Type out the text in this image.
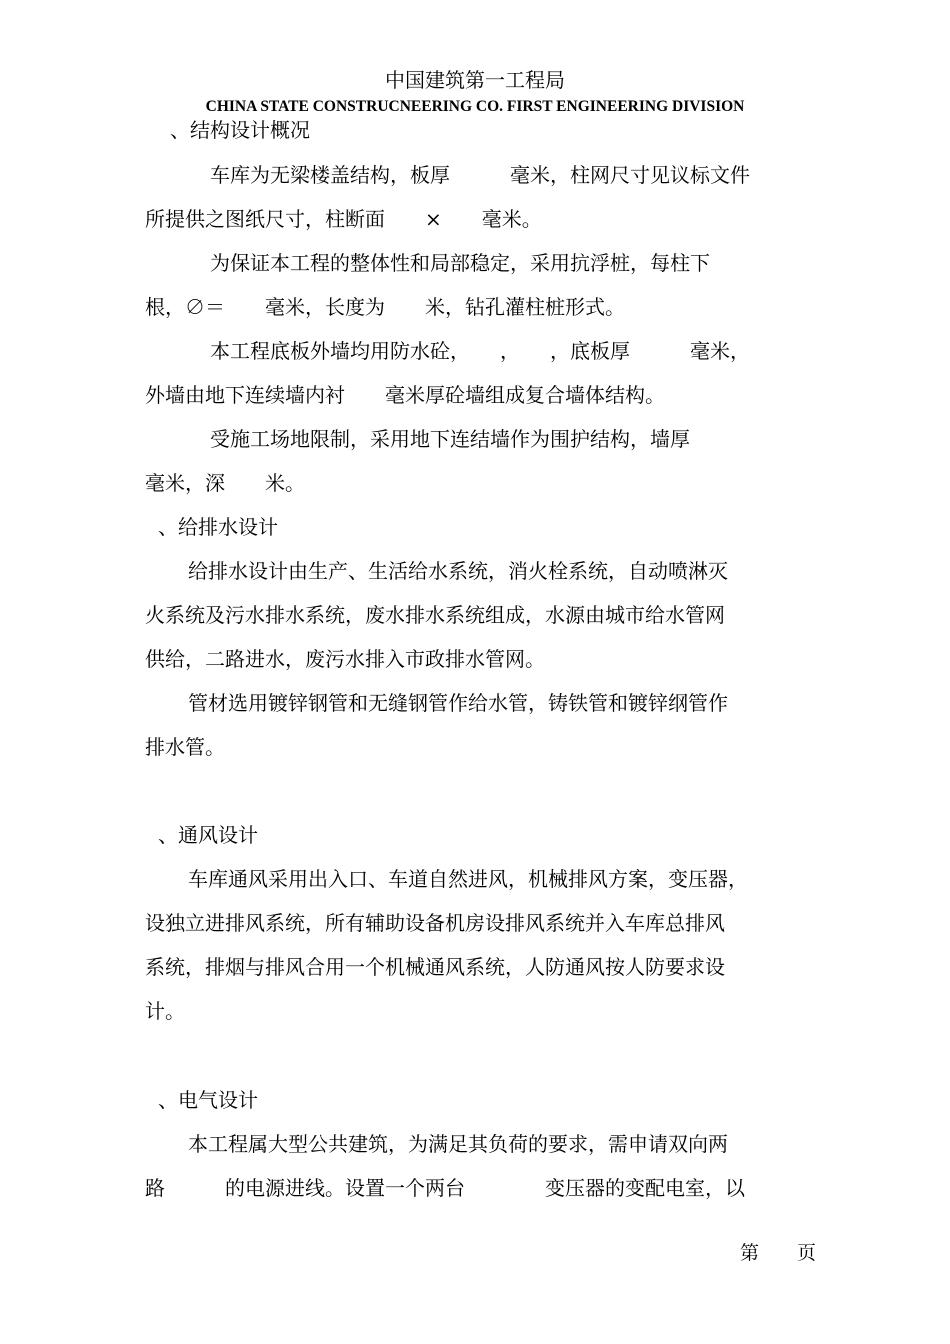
中国建筑第一工程局
CHINA STATE CONSTRUCNEERING CO. FIRST ENGINEERING DIVISION
、结构设计概况
车库为无梁楼盖结构，板厚　　　毫米，柱网尺寸见议标文件
所提供之图纸尺寸，柱断面　　×　　毫米。
为保证本工程的整体性和局部稳定，采用抗浮桩，每柱下
根，∅＝　　毫米，长度为　　米，钻孔灌柱桩形式。
本工程底板外墙均用防水砼，　　，　　，底板厚　　　毫米，
外墙由地下连续墙内衬　　毫米厚砼墙组成复合墙体结构。
受施工场地限制，采用地下连结墙作为围护结构，墙厚
毫米，深　　米。
、给排水设计
给排水设计由生产、生活给水系统，消火栓系统，自动喷淋灭
火系统及污水排水系统，废水排水系统组成，水源由城市给水管网
供给，二路进水，废污水排入市政排水管网。
管材选用镀锌钢管和无缝钢管作给水管，铸铁管和镀锌纲管作
排水管。
、通风设计
车库通风采用出入口、车道自然进风，机械排风方案，变压器，
设独立进排风系统，所有辅助设备机房设排风系统并入车库总排风
系统，排烟与排风合用一个机械通风系统，人防通风按人防要求设
计。
、电气设计
本工程属大型公共建筑，为满足其负荷的要求，需申请双向两
路　　　的电源进线。设置一个两台　　　　变压器的变配电室，以
第　　页
